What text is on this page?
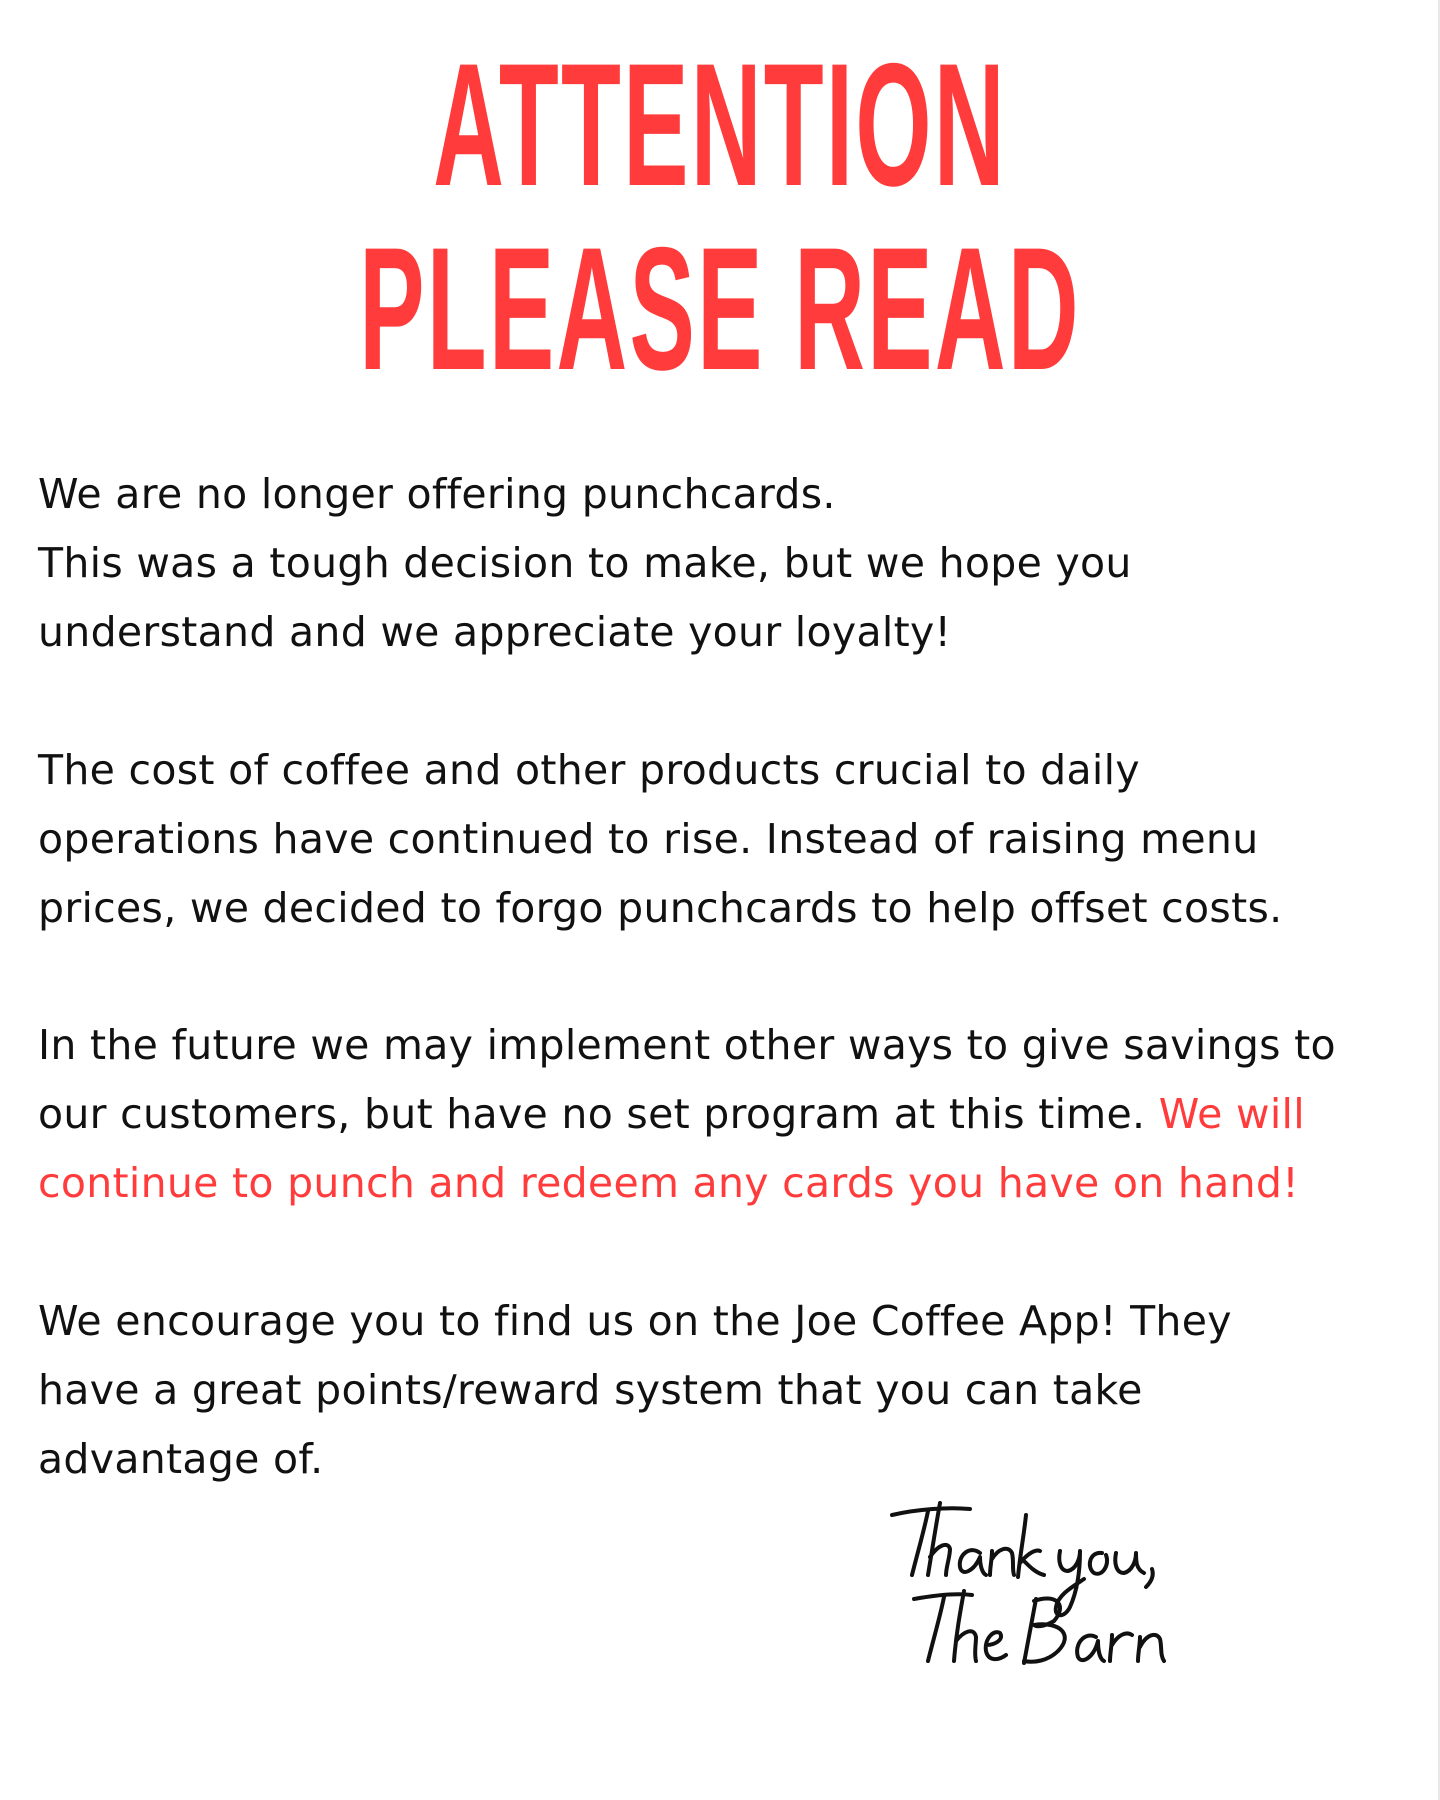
ATTENTION
PLEASE READ
We are no longer offering punchcards.
This was a tough decision to make, but we hope you
understand and we appreciate your loyalty!
The cost of coffee and other products crucial to daily
operations have continued to rise. Instead of raising menu
prices, we decided to forgo punchcards to help offset costs.
In the future we may implement other ways to give savings to
our customers, but have no set program at this time. We will
continue to punch and redeem any cards you have on hand!
We encourage you to find us on the Joe Coffee App! They
have a great points/reward system that you can take
advantage of.
